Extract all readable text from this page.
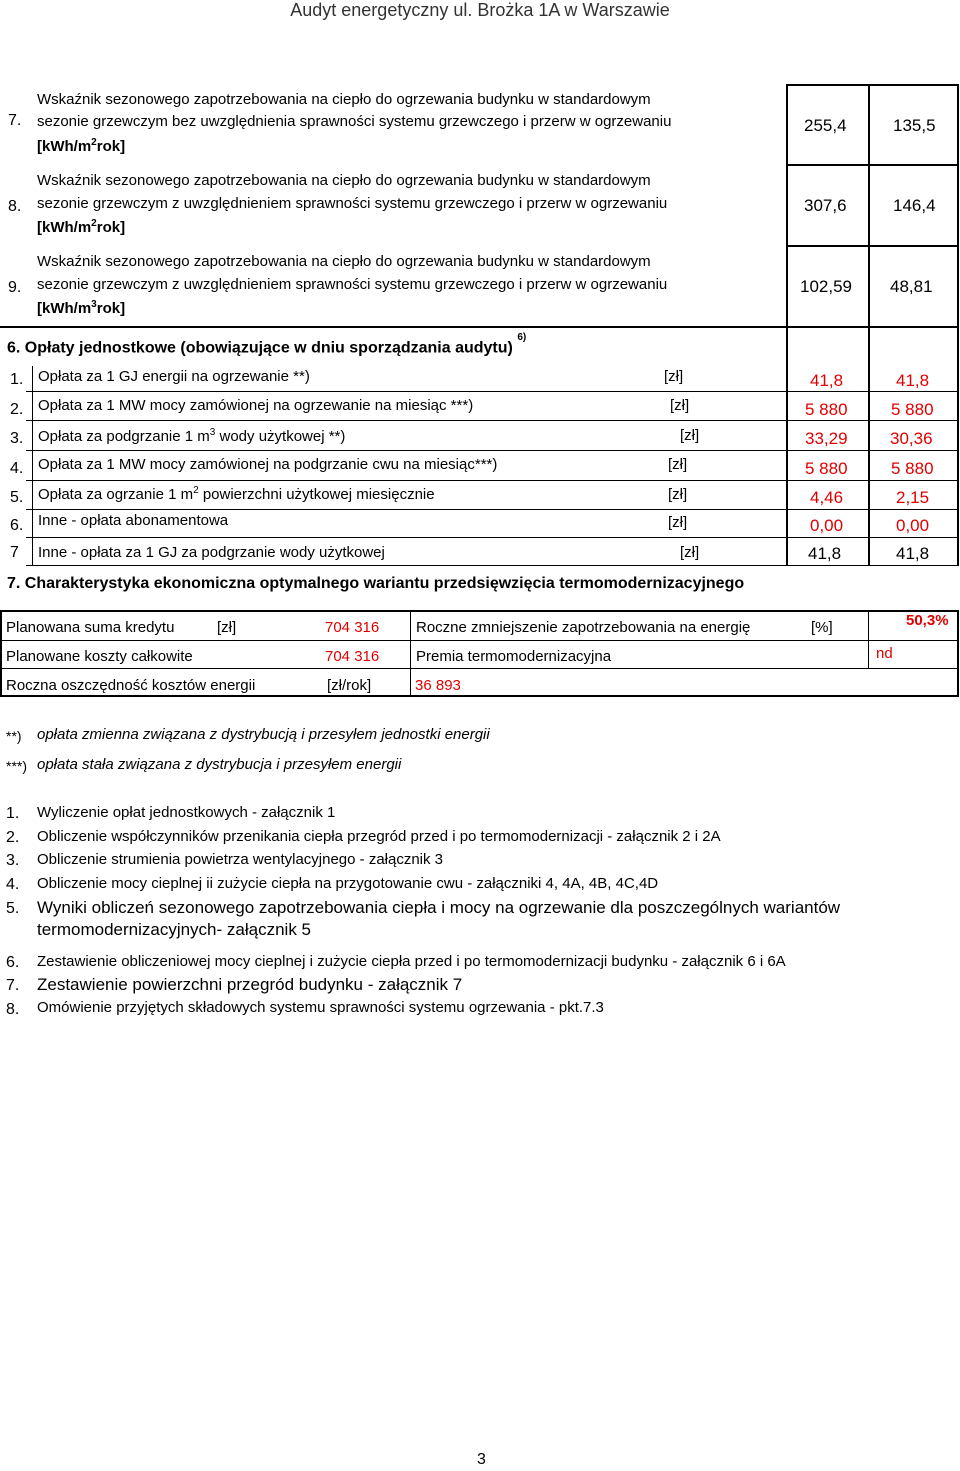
Audyt energetyczny ul. Brożka 1A w Warszawie
7.
Wskaźnik sezonowego zapotrzebowania na ciepło do ogrzewania budynku w standardowym
sezonie grzewczym bez uwzględnienia sprawności systemu grzewczego i przerw w ogrzewaniu
$[kWh/m^2rok]$
255,4	135,5
8.
Wskaźnik sezonowego zapotrzebowania na ciepło do ogrzewania budynku w standardowym
sezonie grzewczym z uwzględnieniem sprawności systemu grzewczego i przerw w ogrzewaniu
$[kWh/m^2rok]$
307,6	146,4
9.
Wskaźnik sezonowego zapotrzebowania na ciepło do ogrzewania budynku w standardowym
sezonie grzewczym z uwzględnieniem sprawności systemu grzewczego i przerw w ogrzewaniu
$[kWh/m^3rok]$
102,59 48,81
6. Opłaty jednostkowe (obowiązujące w dniu sporządzania audytu) $^{6)}$
1. Opłata za 1 GJ energii na ogrzewanie **)	[zł]	41,8	41,8
2. Opłata za 1 MW mocy zamówionej na ogrzewanie na miesiąc ***)	[zł]	5 880	5 880
3. Opłata za podgrzanie 1 $m^3$ wody użytkowej **)	[zł]	33,29 30,36
4. Opłata za 1 MW mocy zamówionej na podgrzanie cwu na miesiąc***)	[zł]	5 880	5 880
5. Opłata za ogrzanie 1 $m^2$ powierzchni użytkowej miesięcznie	[zł]	4,46	2,15
6. Inne - opłata abonamentowa	[zł]	0,00	0,00
7 Inne - opłata za 1 GJ za podgrzanie wody użytkowej	[zł]	41,8	41,8
7. Charakterystyka ekonomiczna optymalnego wariantu przedsięwzięcia termomodernizacyjnego
Planowana suma kredytu	[zł]	704 316 Roczne zmniejszenie zapotrzebowania na energię	[%]	50,3%
Planowane koszty całkowite	704 316 Premia termomodernizacyjna	nd
Roczna oszczędność kosztów energii	[zł/rok]	36 893
**) opłata zmienna związana z dystrybucją i przesyłem jednostki energii
***) opłata stała związana z dystrybucja i przesyłem energii
1. Wyliczenie opłat jednostkowych - załącznik 1
2. Obliczenie współczynników przenikania ciepła przegród przed i po termomodernizacji - załącznik 2 i 2A
3. Obliczenie strumienia powietrza wentylacyjnego - załącznik 3
4. Obliczenie mocy cieplnej ii zużycie ciepła na przygotowanie cwu - załączniki 4, 4A, 4B, 4C,4D
5. Wyniki obliczeń sezonowego zapotrzebowania ciepła i mocy na ogrzewanie dla poszczególnych wariantów
termomodernizacyjnych- załącznik 5
6. Zestawienie obliczeniowej mocy cieplnej i zużycie ciepła przed i po termomodernizacji budynku - załącznik 6 i 6A
7. Zestawienie powierzchni przegród budynku - załącznik 7
8. Omówienie przyjętych składowych systemu sprawności systemu ogrzewania - pkt.7.3
3
